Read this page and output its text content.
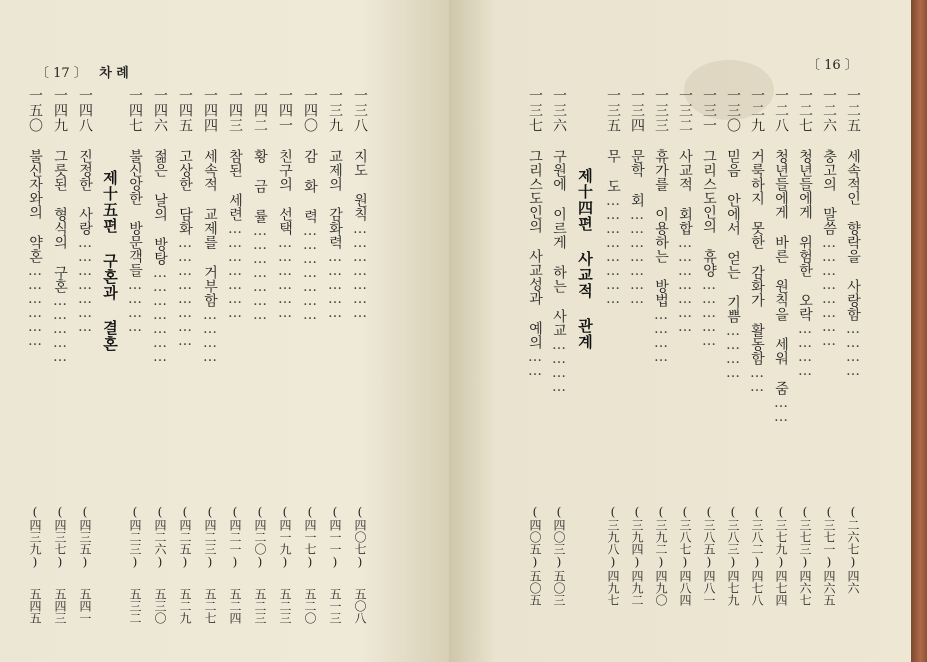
〔 17 〕 차 례
一三八 지도 원칙…………………
一三九 교제의 감화력……………
一四〇 감 화 력…………………
一四一 친구의 선택………………
一四二 황 금 률…………………
一四三 참된 세련…………………
一四四 세속적 교제를 거부함…………
一四五 고상한 담화……………………
一四六 젊은 날의 방탕…………………
一四七 불신앙한 방문객들…………
제十五편 구혼과 결혼
一四八 진정한 사랑…………………
一四九 그릇된 형식의 구혼……………
一五〇 불신자와의 약혼………………
(四〇七)
(四一一)
(四一七)
(四一九)
(四二〇)
(四二一)
(四二三)
(四二五)
(四二六)
(四二三)
(四三五)
(四三七)
(四三九)
五〇八
五一三
五二〇
五二三
五二三
五二四
五二七
五二九
五三〇
五三二
五四一
五四三
五四五
〔 16 〕
一二五 세속적인 향락을 사랑함…………
一二六 충고의 말씀……………………
一二七 청년들에게 위험한 오락…………
一二八 청년들에게 바른 원칙을 세워 줌……
一二九 거룩하지 못한 감화가 활동함……
一三〇 믿음 안에서 얻는 기쁨…………
一三一 그리스도인의 휴양……………
一三二 사교적 회합…………………
一三三 휴가를 이용하는 방법…………
一三四 문학 회…………………
一三五 무 도……………………
제十四편 사교적 관계
一三六 구원에 이르게 하는 사교…………
一三七 그리스도인의 사교성과 예의……
(二六七)
(三七一)
(三七三)
(三七九)
(三八二)
(三八三)
(三八五)
(三八七)
(三九二)
(三九四)
(三九八)
(四〇三)
(四〇五)
四六
四六五
四六七
四七四
四七八
四七九
四八一
四八四
四九〇
四九二
四九七
五〇三
五〇五
